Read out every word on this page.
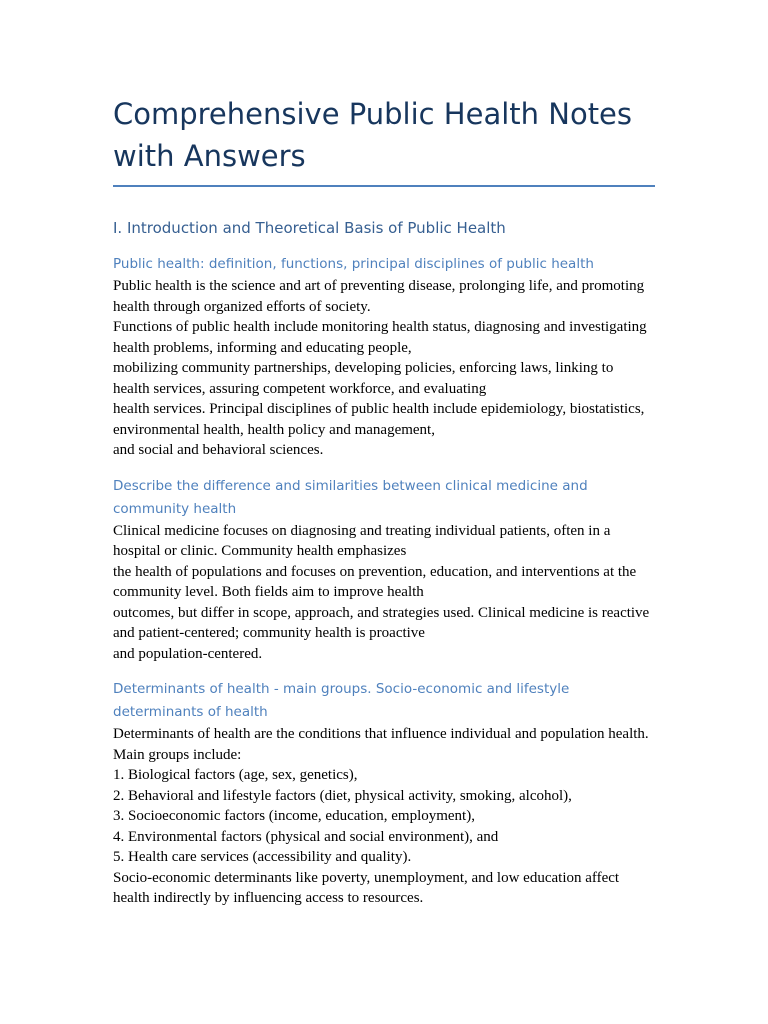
Comprehensive Public Health Notes
with Answers
I. Introduction and Theoretical Basis of Public Health
Public health: definition, functions, principal disciplines of public health

Public health is the science and art of preventing disease, prolonging life, and promoting
health through organized efforts of society.
Functions of public health include monitoring health status, diagnosing and investigating
health problems, informing and educating people,
mobilizing community partnerships, developing policies, enforcing laws, linking to
health services, assuring competent workforce, and evaluating
health services. Principal disciplines of public health include epidemiology, biostatistics,
environmental health, health policy and management,
and social and behavioral sciences.

Describe the difference and similarities between clinical medicine and
community health

Clinical medicine focuses on diagnosing and treating individual patients, often in a
hospital or clinic. Community health emphasizes
the health of populations and focuses on prevention, education, and interventions at the
community level. Both fields aim to improve health
outcomes, but differ in scope, approach, and strategies used. Clinical medicine is reactive
and patient-centered; community health is proactive
and population-centered.

Determinants of health - main groups. Socio-economic and lifestyle
determinants of health

Determinants of health are the conditions that influence individual and population health.
Main groups include:
1. Biological factors (age, sex, genetics),
2. Behavioral and lifestyle factors (diet, physical activity, smoking, alcohol),
3. Socioeconomic factors (income, education, employment),
4. Environmental factors (physical and social environment), and
5. Health care services (accessibility and quality).
Socio-economic determinants like poverty, unemployment, and low education affect
health indirectly by influencing access to resources.
